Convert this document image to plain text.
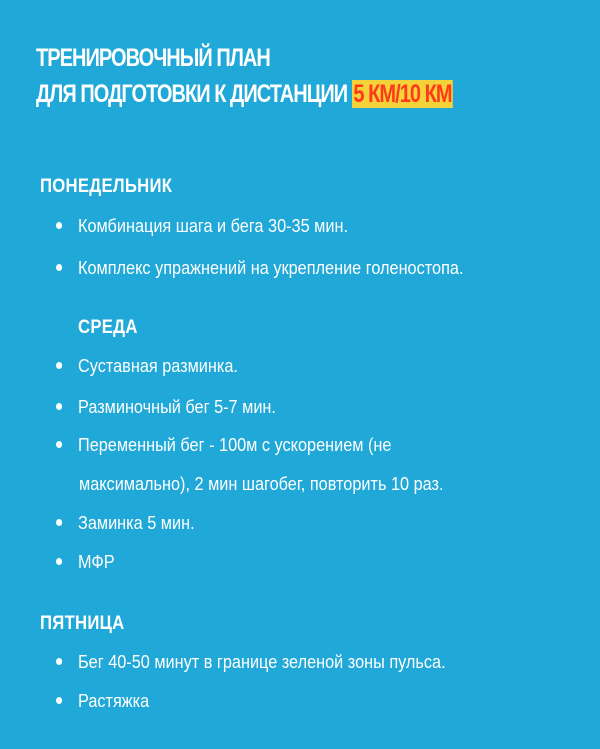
ТРЕНИРОВОЧНЫЙ ПЛАН
ДЛЯ ПОДГОТОВКИ К ДИСТАНЦИИ 5 КМ/10 КМ
ПОНЕДЕЛЬНИК
Комбинация шага и бега 30-35 мин.
Комплекс упражнений на укрепление голеностопа.
СРЕДА
Суставная разминка.
Разминочный бег 5-7 мин.
Переменный бег - 100м с ускорением (не
максимально), 2 мин шагобег, повторить 10 раз.
Заминка 5 мин.
МФР
ПЯТНИЦА
Бег 40-50 минут в границе зеленой зоны пульса.
Растяжка
